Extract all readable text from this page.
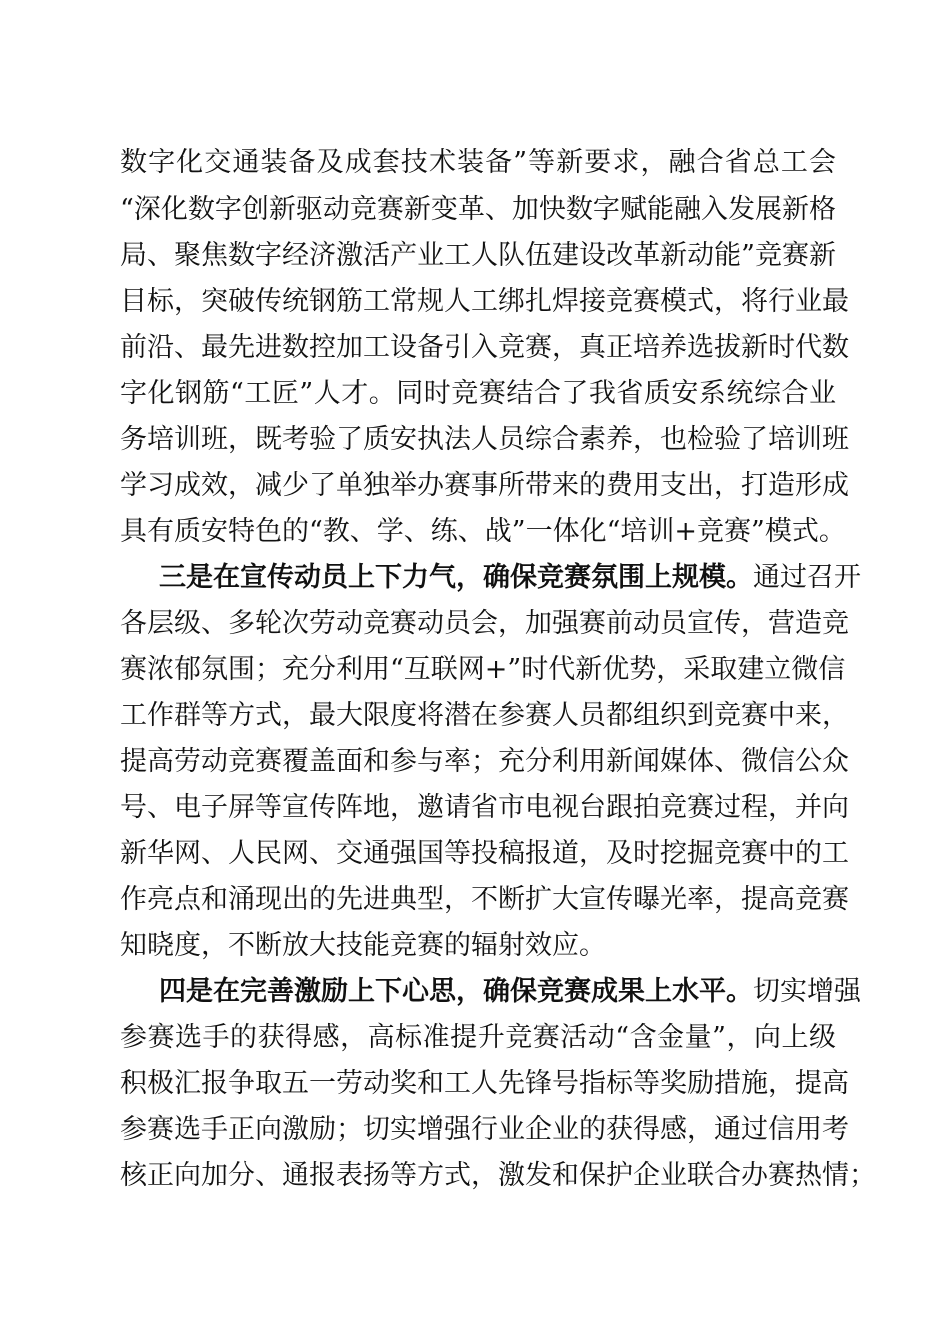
数字化交通装备及成套技术装备”等新要求，融合省总工会
“深化数字创新驱动竞赛新变革、加快数字赋能融入发展新格
局、聚焦数字经济激活产业工人队伍建设改革新动能”竞赛新
目标，突破传统钢筋工常规人工绑扎焊接竞赛模式，将行业最
前沿、最先进数控加工设备引入竞赛，真正培养选拔新时代数
字化钢筋“工匠”人才。同时竞赛结合了我省质安系统综合业
务培训班，既考验了质安执法人员综合素养，也检验了培训班
学习成效，减少了单独举办赛事所带来的费用支出，打造形成
具有质安特色的“教、学、练、战”一体化“培训+竞赛”模式。
三是在宣传动员上下力气，确保竞赛氛围上规模。通过召开
各层级、多轮次劳动竞赛动员会，加强赛前动员宣传，营造竞
赛浓郁氛围；充分利用“互联网+”时代新优势，采取建立微信
工作群等方式，最大限度将潜在参赛人员都组织到竞赛中来，
提高劳动竞赛覆盖面和参与率；充分利用新闻媒体、微信公众
号、电子屏等宣传阵地，邀请省市电视台跟拍竞赛过程，并向
新华网、人民网、交通强国等投稿报道，及时挖掘竞赛中的工
作亮点和涌现出的先进典型，不断扩大宣传曝光率，提高竞赛
知晓度，不断放大技能竞赛的辐射效应。
四是在完善激励上下心思，确保竞赛成果上水平。切实增强
参赛选手的获得感，高标准提升竞赛活动“含金量”，向上级
积极汇报争取五一劳动奖和工人先锋号指标等奖励措施，提高
参赛选手正向激励；切实增强行业企业的获得感，通过信用考
核正向加分、通报表扬等方式，激发和保护企业联合办赛热情；
